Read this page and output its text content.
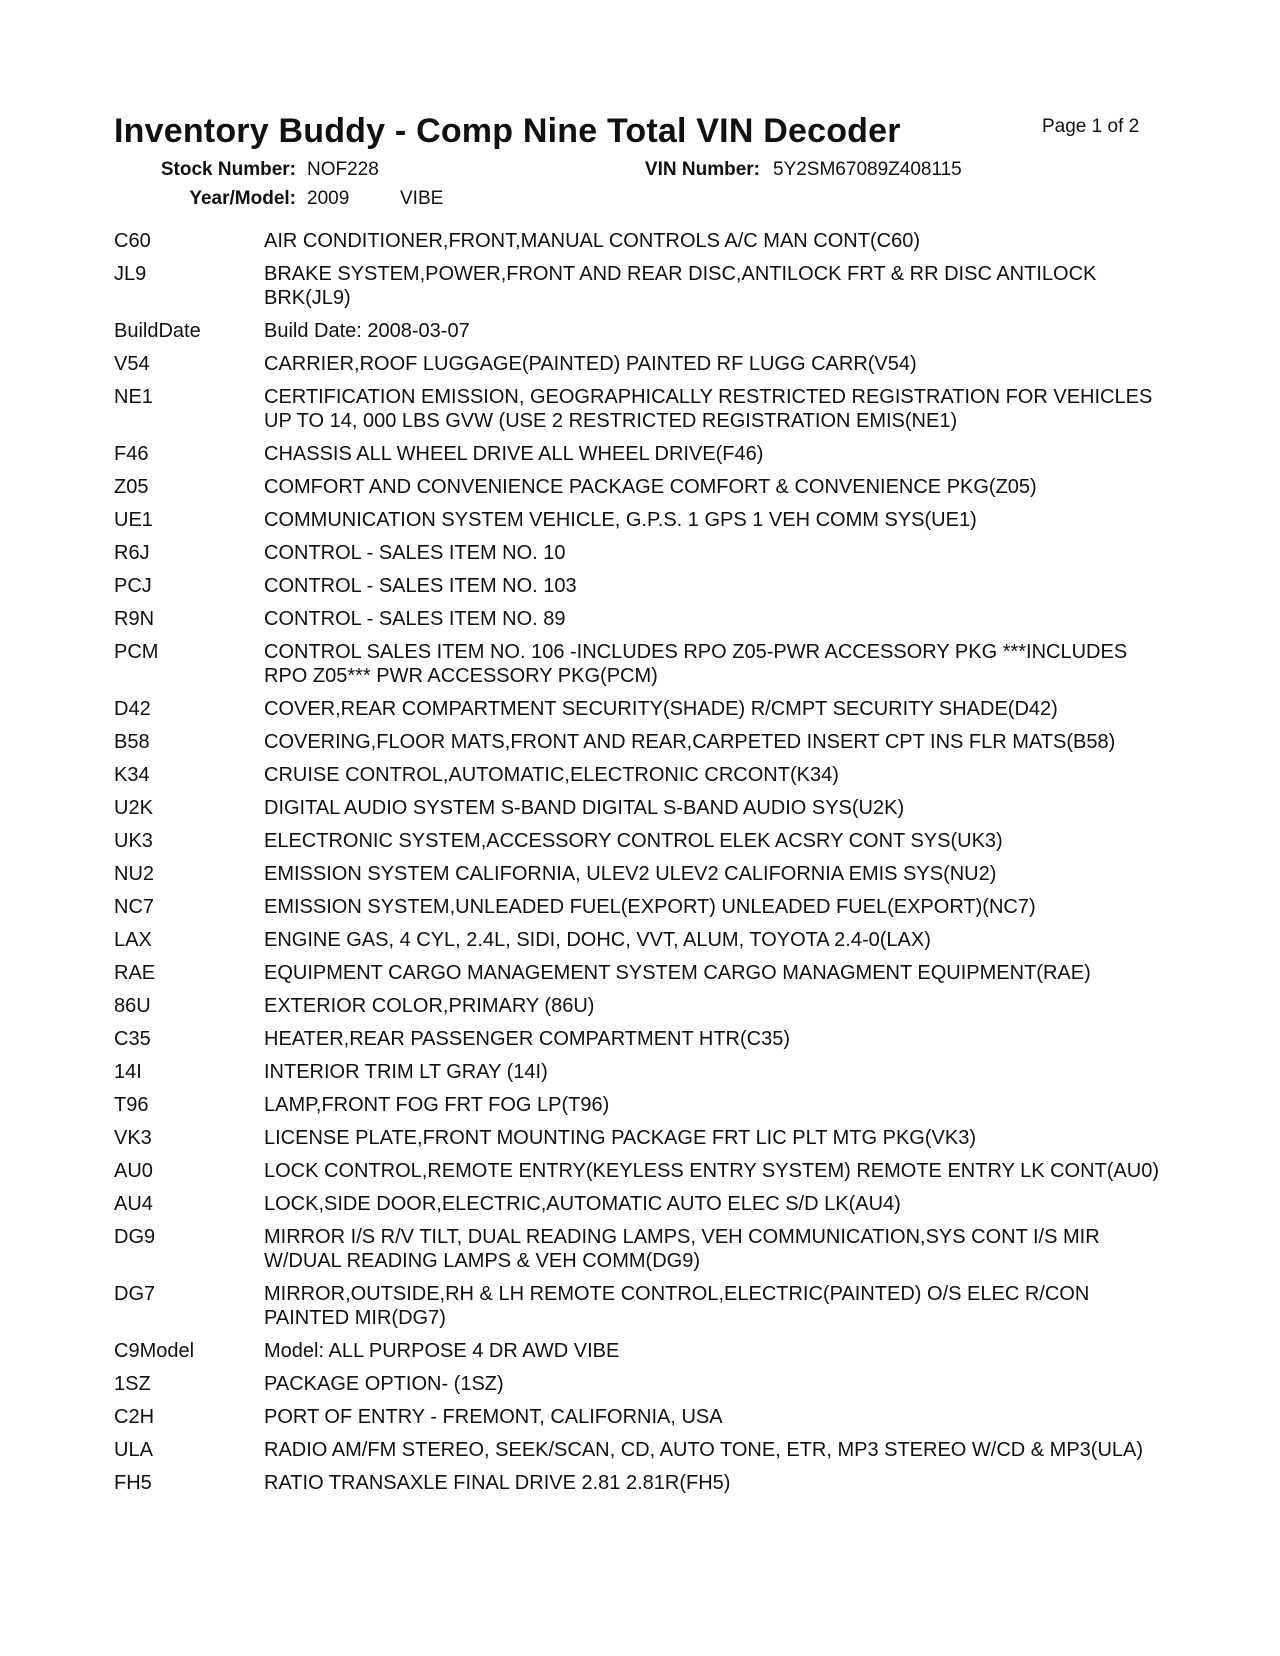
Inventory Buddy - Comp Nine Total VIN Decoder	Page 1 of 2
Stock Number: NOF228	VIN Number: 5Y2SM67089Z408115
Year/Model: 2009	VIBE
C60	AIR CONDITIONER,FRONT,MANUAL CONTROLS A/C MAN CONT(C60)
JL9	BRAKE SYSTEM,POWER,FRONT AND REAR DISC,ANTILOCK FRT & RR DISC ANTILOCK BRK(JL9)
BuildDate	Build Date: 2008-03-07
V54	CARRIER,ROOF LUGGAGE(PAINTED) PAINTED RF LUGG CARR(V54)
NE1	CERTIFICATION EMISSION, GEOGRAPHICALLY RESTRICTED REGISTRATION FOR VEHICLES UP TO 14, 000 LBS GVW (USE 2 RESTRICTED REGISTRATION EMIS(NE1)
F46	CHASSIS ALL WHEEL DRIVE ALL WHEEL DRIVE(F46)
Z05	COMFORT AND CONVENIENCE PACKAGE COMFORT & CONVENIENCE PKG(Z05)
UE1	COMMUNICATION SYSTEM VEHICLE, G.P.S. 1 GPS 1 VEH COMM SYS(UE1)
R6J	CONTROL - SALES ITEM NO. 10
PCJ	CONTROL - SALES ITEM NO. 103
R9N	CONTROL - SALES ITEM NO. 89
PCM	CONTROL SALES ITEM NO. 106 -INCLUDES RPO Z05-PWR ACCESSORY PKG ***INCLUDES RPO Z05*** PWR ACCESSORY PKG(PCM)
D42	COVER,REAR COMPARTMENT SECURITY(SHADE) R/CMPT SECURITY SHADE(D42)
B58	COVERING,FLOOR MATS,FRONT AND REAR,CARPETED INSERT CPT INS FLR MATS(B58)
K34	CRUISE CONTROL,AUTOMATIC,ELECTRONIC CRCONT(K34)
U2K	DIGITAL AUDIO SYSTEM S-BAND DIGITAL S-BAND AUDIO SYS(U2K)
UK3	ELECTRONIC SYSTEM,ACCESSORY CONTROL ELEK ACSRY CONT SYS(UK3)
NU2	EMISSION SYSTEM CALIFORNIA, ULEV2 ULEV2 CALIFORNIA EMIS SYS(NU2)
NC7	EMISSION SYSTEM,UNLEADED FUEL(EXPORT) UNLEADED FUEL(EXPORT)(NC7)
LAX	ENGINE GAS, 4 CYL, 2.4L, SIDI, DOHC, VVT, ALUM, TOYOTA 2.4-0(LAX)
RAE	EQUIPMENT CARGO MANAGEMENT SYSTEM CARGO MANAGMENT EQUIPMENT(RAE)
86U	EXTERIOR COLOR,PRIMARY (86U)
C35	HEATER,REAR PASSENGER COMPARTMENT HTR(C35)
14I	INTERIOR TRIM LT GRAY (14I)
T96	LAMP,FRONT FOG FRT FOG LP(T96)
VK3	LICENSE PLATE,FRONT MOUNTING PACKAGE FRT LIC PLT MTG PKG(VK3)
AU0	LOCK CONTROL,REMOTE ENTRY(KEYLESS ENTRY SYSTEM) REMOTE ENTRY LK CONT(AU0)
AU4	LOCK,SIDE DOOR,ELECTRIC,AUTOMATIC AUTO ELEC S/D LK(AU4)
DG9	MIRROR I/S R/V TILT, DUAL READING LAMPS, VEH COMMUNICATION,SYS CONT I/S MIR W/DUAL READING LAMPS & VEH COMM(DG9)
DG7	MIRROR,OUTSIDE,RH & LH REMOTE CONTROL,ELECTRIC(PAINTED) O/S ELEC R/CON PAINTED MIR(DG7)
C9Model	Model: ALL PURPOSE 4 DR AWD VIBE
1SZ	PACKAGE OPTION- (1SZ)
C2H	PORT OF ENTRY - FREMONT, CALIFORNIA, USA
ULA	RADIO AM/FM STEREO, SEEK/SCAN, CD, AUTO TONE, ETR, MP3 STEREO W/CD & MP3(ULA)
FH5	RATIO TRANSAXLE FINAL DRIVE 2.81 2.81R(FH5)
